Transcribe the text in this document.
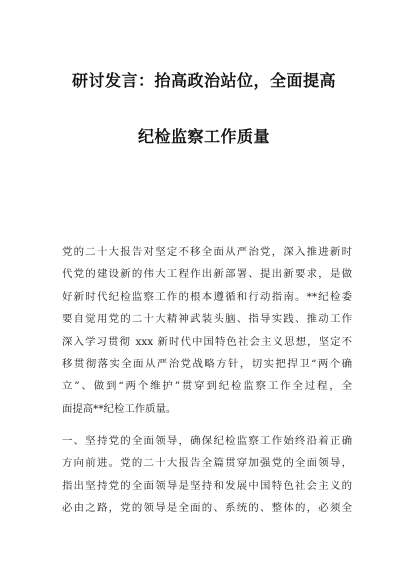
研讨发言：抬高政治站位，全面提高
纪检监察工作质量
党的二十大报告对坚定不移全面从严治党，深入推进新时
代党的建设新的伟大工程作出新部署、提出新要求，是做
好新时代纪检监察工作的根本遵循和行动指南。**纪检委
要自觉用党的二十大精神武装头脑、指导实践、推动工作
深入学习贯彻 xxx 新时代中国特色社会主义思想，坚定不
移贯彻落实全面从严治党战略方针，切实把捍卫“两个确
立”、做到“两个维护”贯穿到纪检监察工作全过程，全
面提高**纪检工作质量。
一、坚持党的全面领导，确保纪检监察工作始终沿着正确
方向前进。党的二十大报告全篇贯穿加强党的全面领导，
指出坚持党的全面领导是坚持和发展中国特色社会主义的
必由之路，党的领导是全面的、系统的、整体的，必须全
